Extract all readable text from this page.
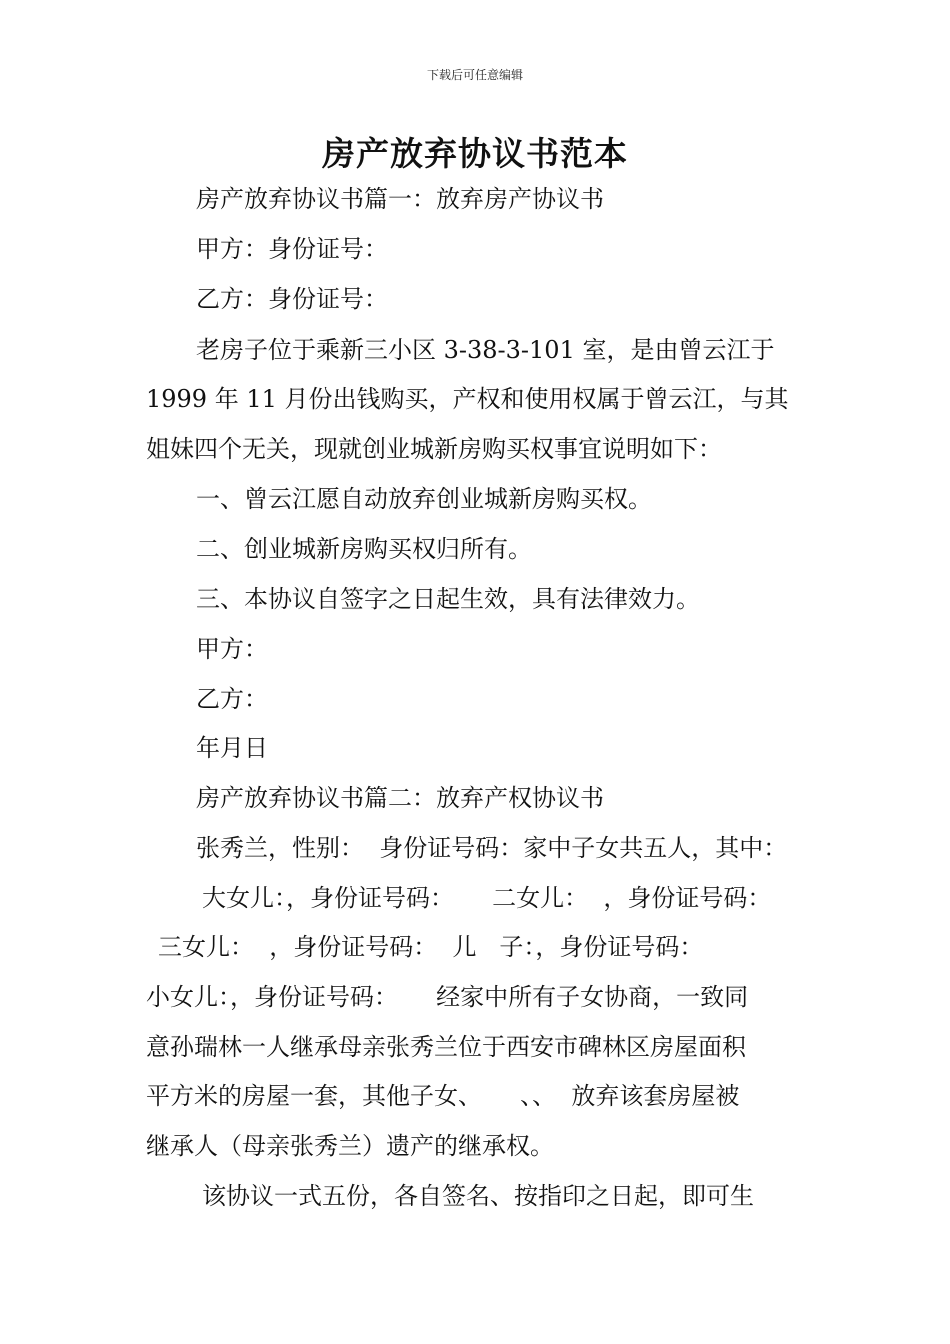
下载后可任意编辑
房产放弃协议书范本
房产放弃协议书篇一：放弃房产协议书
甲方：身份证号：
乙方：身份证号：
老房子位于乘新三小区 3-38-3-101 室，是由曾云江于
1999 年 11 月份出钱购买，产权和使用权属于曾云江，与其
姐妹四个无关，现就创业城新房购买权事宜说明如下：
一、曾云江愿自动放弃创业城新房购买权。
二、创业城新房购买权归所有。
三、本协议自签字之日起生效，具有法律效力。
甲方：
乙方：
年月日
房产放弃协议书篇二：放弃产权协议书
张秀兰，性别：  身份证号码：家中子女共五人，其中：
大女儿：，身份证号码：     二女儿：  ，身份证号码：
三女儿：  ，身份证号码：  儿   子：，身份证号码：
小女儿：，身份证号码：     经家中所有子女协商，一致同
意孙瑞林一人继承母亲张秀兰位于西安市碑林区房屋面积
平方米的房屋一套，其他子女、     、、  放弃该套房屋被
继承人（母亲张秀兰）遗产的继承权。
该协议一式五份，各自签名、按指印之日起，即可生
